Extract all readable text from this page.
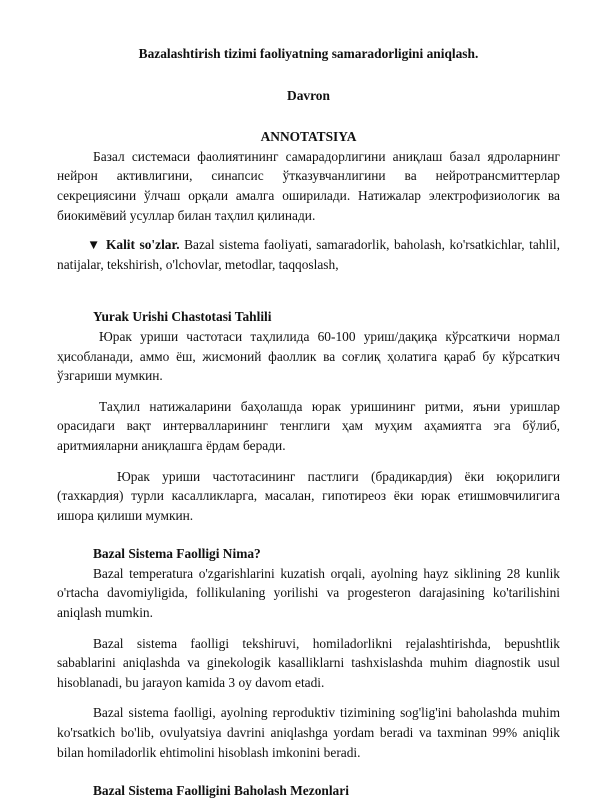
Bazalashtirish tizimi faoliyatning samaradorligini aniqlash.
Davron
ANNOTATSIYA

Базал системаси фаолиятининг самарадорлигини аниқлаш базал ядроларнинг нейрон активлигини, синапсис ўтказувчанлигини ва нейротрансмиттерлар секрециясини ўлчаш орқали амалга оширилади. Натижалар электрофизиологик ва биокимёвий усуллар билан таҳлил қилинади.

▼ Kalit so'zlar. Bazal sistema faoliyati, samaradorlik, baholash, ko'rsatkichlar, tahlil, natijalar, tekshirish, o'lchovlar, metodlar, taqqoslash,

Yurak Urishi Chastotasi Tahlili

Юрак уриши частотаси таҳлилида 60-100 уриш/дақиқа кўрсаткичи нормал ҳисобланади, аммо ёш, жисмоний фаоллик ва соғлиқ ҳолатига қараб бу кўрсаткич ўзгариши мумкин.

Таҳлил натижаларини баҳолашда юрак уришининг ритми, яъни уришлар орасидаги вақт интервалларининг тенглиги ҳам муҳим аҳамиятга эга бўлиб, аритмияларни аниқлашга ёрдам беради.

Юрак уриши частотасининг пастлиги (брадикардия) ёки юқорилиги (тахкардия) турли касалликларга, масалан, гипотиреоз ёки юрак етишмовчилигига ишора қилиши мумкин.

Bazal Sistema Faolligi Nima?

Bazal temperatura o'zgarishlarini kuzatish orqali, ayolning hayz siklining 28 kunlik o'rtacha davomiyligida, follikulaning yorilishi va progesteron darajasining ko'tarilishini aniqlash mumkin.

Bazal sistema faolligi tekshiruvi, homiladorlikni rejalashtirishda, bepushtlik sabablarini aniqlashda va ginekologik kasalliklarni tashxislashda muhim diagnostik usul hisoblanadi, bu jarayon kamida 3 oy davom etadi.

Bazal sistema faolligi, ayolning reproduktiv tizimining sog'lig'ini baholashda muhim ko'rsatkich bo'lib, ovulyatsiya davrini aniqlashga yordam beradi va taxminan 99% aniqlik bilan homiladorlik ehtimolini hisoblash imkonini beradi.

Bazal Sistema Faolligini Baholash Mezonlari
